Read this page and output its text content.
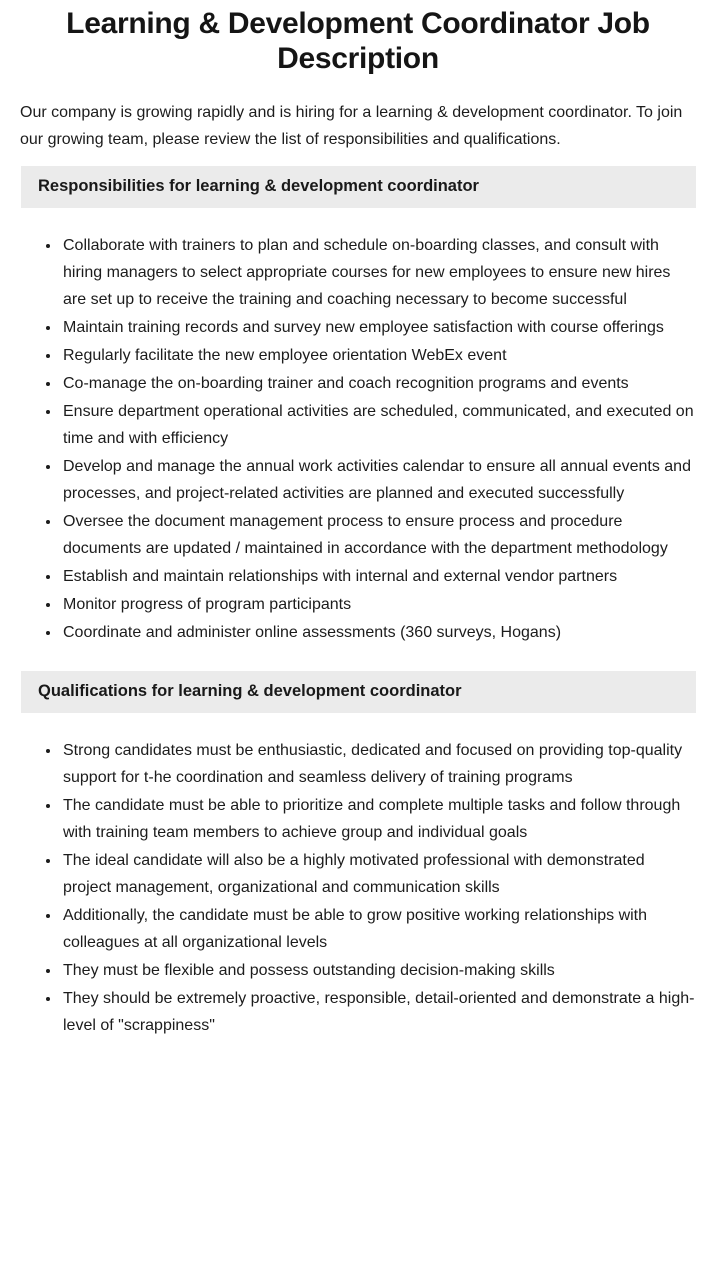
Learning & Development Coordinator Job Description

Our company is growing rapidly and is hiring for a learning & development coordinator. To join our growing team, please review the list of responsibilities and qualifications.

Responsibilities for learning & development coordinator
• Collaborate with trainers to plan and schedule on-boarding classes, and consult with hiring managers to select appropriate courses for new employees to ensure new hires are set up to receive the training and coaching necessary to become successful
• Maintain training records and survey new employee satisfaction with course offerings
• Regularly facilitate the new employee orientation WebEx event
• Co-manage the on-boarding trainer and coach recognition programs and events
• Ensure department operational activities are scheduled, communicated, and executed on time and with efficiency
• Develop and manage the annual work activities calendar to ensure all annual events and processes, and project-related activities are planned and executed successfully
• Oversee the document management process to ensure process and procedure documents are updated / maintained in accordance with the department methodology
• Establish and maintain relationships with internal and external vendor partners
• Monitor progress of program participants
• Coordinate and administer online assessments (360 surveys, Hogans)
Qualifications for learning & development coordinator
• Strong candidates must be enthusiastic, dedicated and focused on providing top-quality support for t-he coordination and seamless delivery of training programs
• The candidate must be able to prioritize and complete multiple tasks and follow through with training team members to achieve group and individual goals
• The ideal candidate will also be a highly motivated professional with demonstrated project management, organizational and communication skills
• Additionally, the candidate must be able to grow positive working relationships with colleagues at all organizational levels
• They must be flexible and possess outstanding decision-making skills
• They should be extremely proactive, responsible, detail-oriented and demonstrate a high-level of "scrappiness"
